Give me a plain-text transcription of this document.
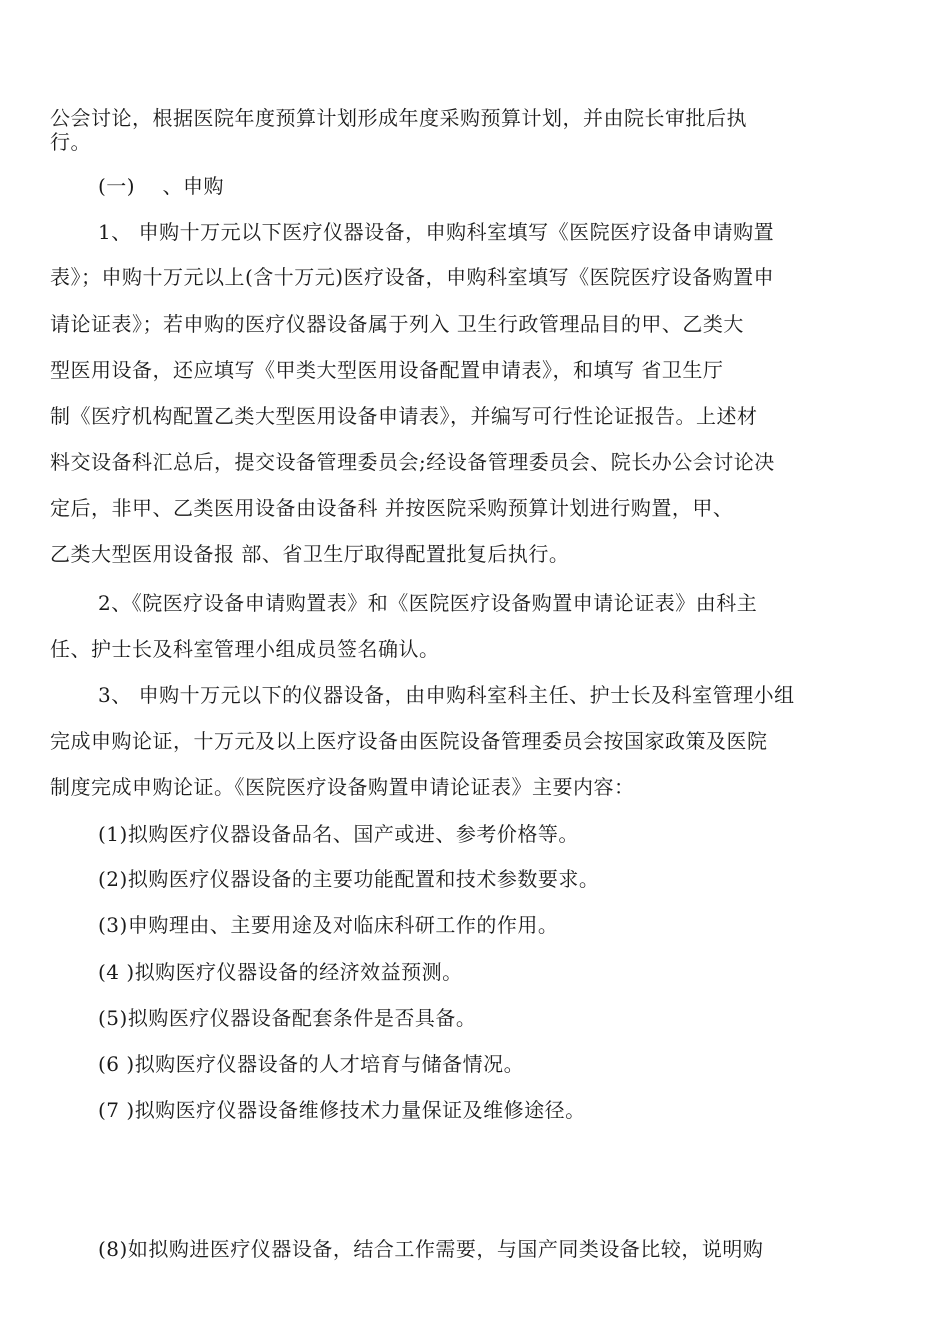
公会讨论，根据医院年度预算计划形成年度采购预算计划，并由院长审批后执
行。
(一)　 、申购
1、 申购十万元以下医疗仪器设备，申购科室填写《医院医疗设备申请购置
表》；申购十万元以上(含十万元)医疗设备，申购科室填写《医院医疗设备购置申
请论证表》；若申购的医疗仪器设备属于列入 卫生行政管理品目的甲、乙类大
型医用设备，还应填写《甲类大型医用设备配置申请表》，和填写 省卫生厅
制《医疗机构配置乙类大型医用设备申请表》，并编写可行性论证报告。上述材
料交设备科汇总后，提交设备管理委员会;经设备管理委员会、院长办公会讨论决
定后，非甲、乙类医用设备由设备科 并按医院采购预算计划进行购置，甲、
乙类大型医用设备报 部、省卫生厅取得配置批复后执行。
2、《院医疗设备申请购置表》和《医院医疗设备购置申请论证表》由科主
任、护士长及科室管理小组成员签名确认。
3、 申购十万元以下的仪器设备，由申购科室科主任、护士长及科室管理小组
完成申购论证，十万元及以上医疗设备由医院设备管理委员会按国家政策及医院
制度完成申购论证。《医院医疗设备购置申请论证表》主要内容：
(1)拟购医疗仪器设备品名、国产或进、参考价格等。
(2)拟购医疗仪器设备的主要功能配置和技术参数要求。
(3)申购理由、主要用途及对临床科研工作的作用。
(4 )拟购医疗仪器设备的经济效益预测。
(5)拟购医疗仪器设备配套条件是否具备。
(6 )拟购医疗仪器设备的人才培育与储备情况。
(7 )拟购医疗仪器设备维修技术力量保证及维修途径。
(8)如拟购进医疗仪器设备，结合工作需要，与国产同类设备比较，说明购
